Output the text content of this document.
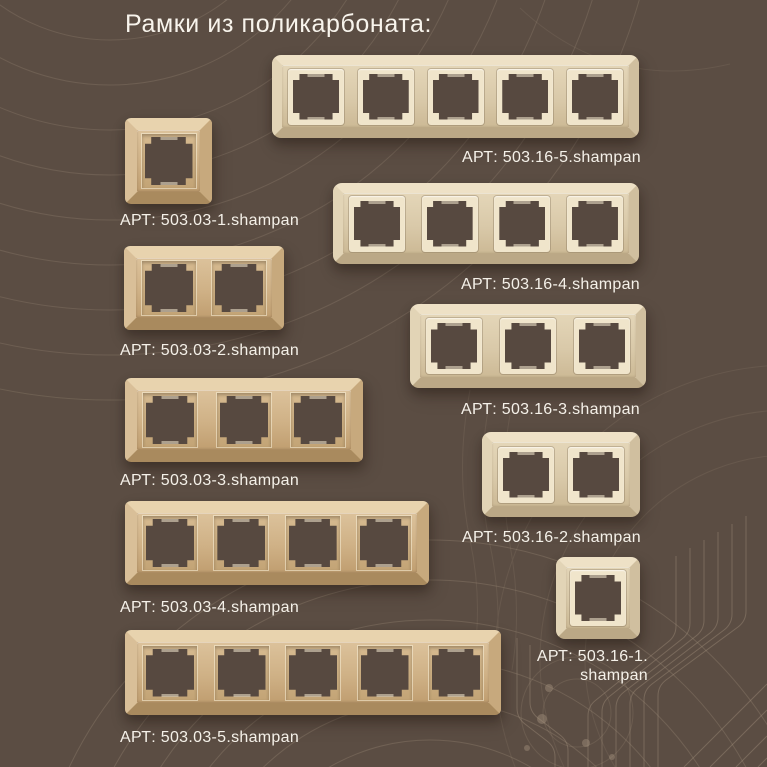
Рамки из поликарбоната:
АРТ: 503.03-1.shampan
АРТ: 503.03-2.shampan
АРТ: 503.03-3.shampan
АРТ: 503.03-4.shampan
АРТ: 503.03-5.shampan
АРТ: 503.16-5.shampan
АРТ: 503.16-4.shampan
АРТ: 503.16-3.shampan
АРТ: 503.16-2.shampan
АРТ: 503.16-1.
shampan
